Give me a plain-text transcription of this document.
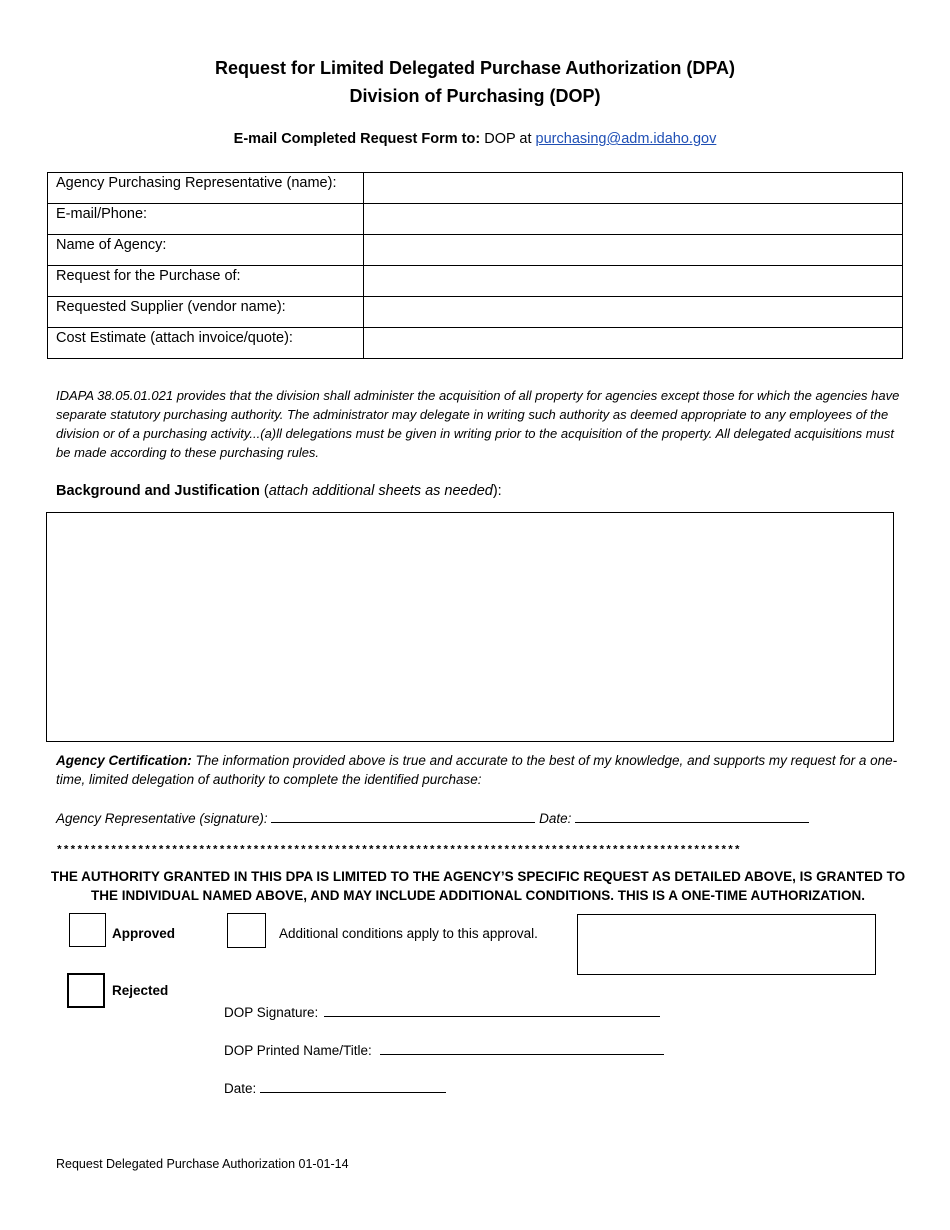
Request for Limited Delegated Purchase Authorization (DPA)
Division of Purchasing (DOP)
E-mail Completed Request Form to: DOP at purchasing@adm.idaho.gov
Agency Purchasing Representative (name):	
E-mail/Phone:	
Name of Agency:	
Request for the Purchase of:	
Requested Supplier (vendor name):	
Cost Estimate (attach invoice/quote):	
IDAPA 38.05.01.021 provides that the division shall administer the acquisition of all property for agencies except those for which the agencies have separate statutory purchasing authority. The administrator may delegate in writing such authority as deemed appropriate to any employees of the division or of a purchasing activity...(a)ll delegations must be given in writing prior to the acquisition of the property. All delegated acquisitions must be made according to these purchasing rules.
Background and Justification (attach additional sheets as needed):
Agency Certification: The information provided above is true and accurate to the best of my knowledge, and supports my request for a one-time, limited delegation of authority to complete the identified purchase:
Agency Representative (signature):	Date:
*****************************************************************************************************
THE AUTHORITY GRANTED IN THIS DPA IS LIMITED TO THE AGENCY’S SPECIFIC REQUEST AS DETAILED ABOVE, IS GRANTED TO THE INDIVIDUAL NAMED ABOVE, AND MAY INCLUDE ADDITIONAL CONDITIONS. THIS IS A ONE-TIME AUTHORIZATION.
Approved	Additional conditions apply to this approval.
Rejected
DOP Signature:
DOP Printed Name/Title:
Date:
Request Delegated Purchase Authorization 01-01-14
